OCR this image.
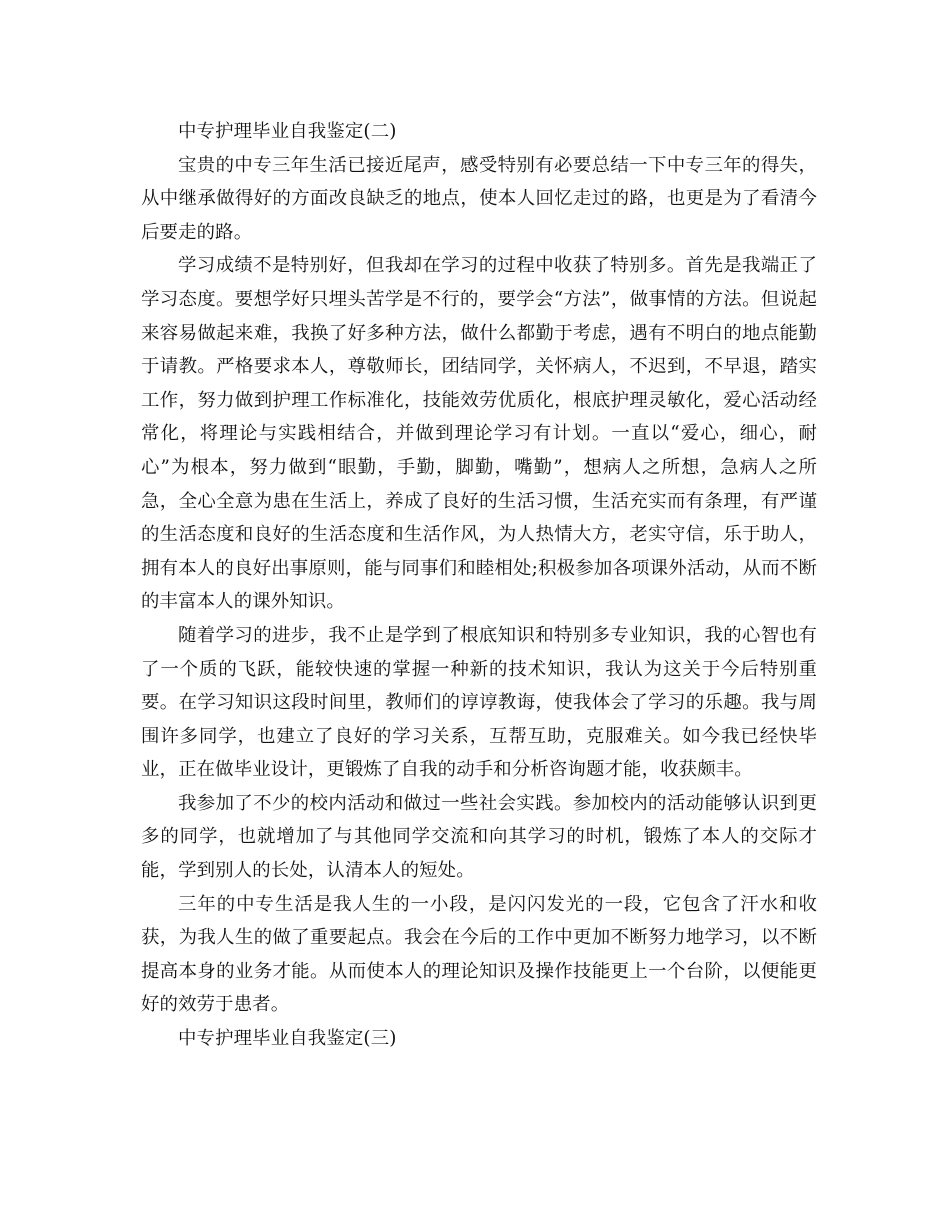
中专护理毕业自我鉴定(二)

宝贵的中专三年生活已接近尾声，感受特别有必要总结一下中专三年的得失，从中继承做得好的方面改良缺乏的地点，使本人回忆走过的路，也更是为了看清今后要走的路。

学习成绩不是特别好，但我却在学习的过程中收获了特别多。首先是我端正了学习态度。要想学好只埋头苦学是不行的，要学会“方法”，做事情的方法。但说起来容易做起来难，我换了好多种方法，做什么都勤于考虑，遇有不明白的地点能勤于请教。严格要求本人，尊敬师长，团结同学，关怀病人，不迟到，不早退，踏实工作，努力做到护理工作标准化，技能效劳优质化，根底护理灵敏化，爱心活动经常化，将理论与实践相结合，并做到理论学习有计划。一直以“爱心，细心，耐心”为根本，努力做到“眼勤，手勤，脚勤，嘴勤”，想病人之所想，急病人之所急，全心全意为患在生活上，养成了良好的生活习惯，生活充实而有条理，有严谨的生活态度和良好的生活态度和生活作风，为人热情大方，老实守信，乐于助人，拥有本人的良好出事原则，能与同事们和睦相处;积极参加各项课外活动，从而不断的丰富本人的课外知识。

随着学习的进步，我不止是学到了根底知识和特别多专业知识，我的心智也有了一个质的飞跃，能较快速的掌握一种新的技术知识，我认为这关于今后特别重要。在学习知识这段时间里，教师们的谆谆教诲，使我体会了学习的乐趣。我与周围许多同学，也建立了良好的学习关系，互帮互助，克服难关。如今我已经快毕业，正在做毕业设计，更锻炼了自我的动手和分析咨询题才能，收获颇丰。

我参加了不少的校内活动和做过一些社会实践。参加校内的活动能够认识到更多的同学，也就增加了与其他同学交流和向其学习的时机，锻炼了本人的交际才能，学到别人的长处，认清本人的短处。

三年的中专生活是我人生的一小段，是闪闪发光的一段，它包含了汗水和收获，为我人生的做了重要起点。我会在今后的工作中更加不断努力地学习，以不断提高本身的业务才能。从而使本人的理论知识及操作技能更上一个台阶，以便能更好的效劳于患者。

中专护理毕业自我鉴定(三)
